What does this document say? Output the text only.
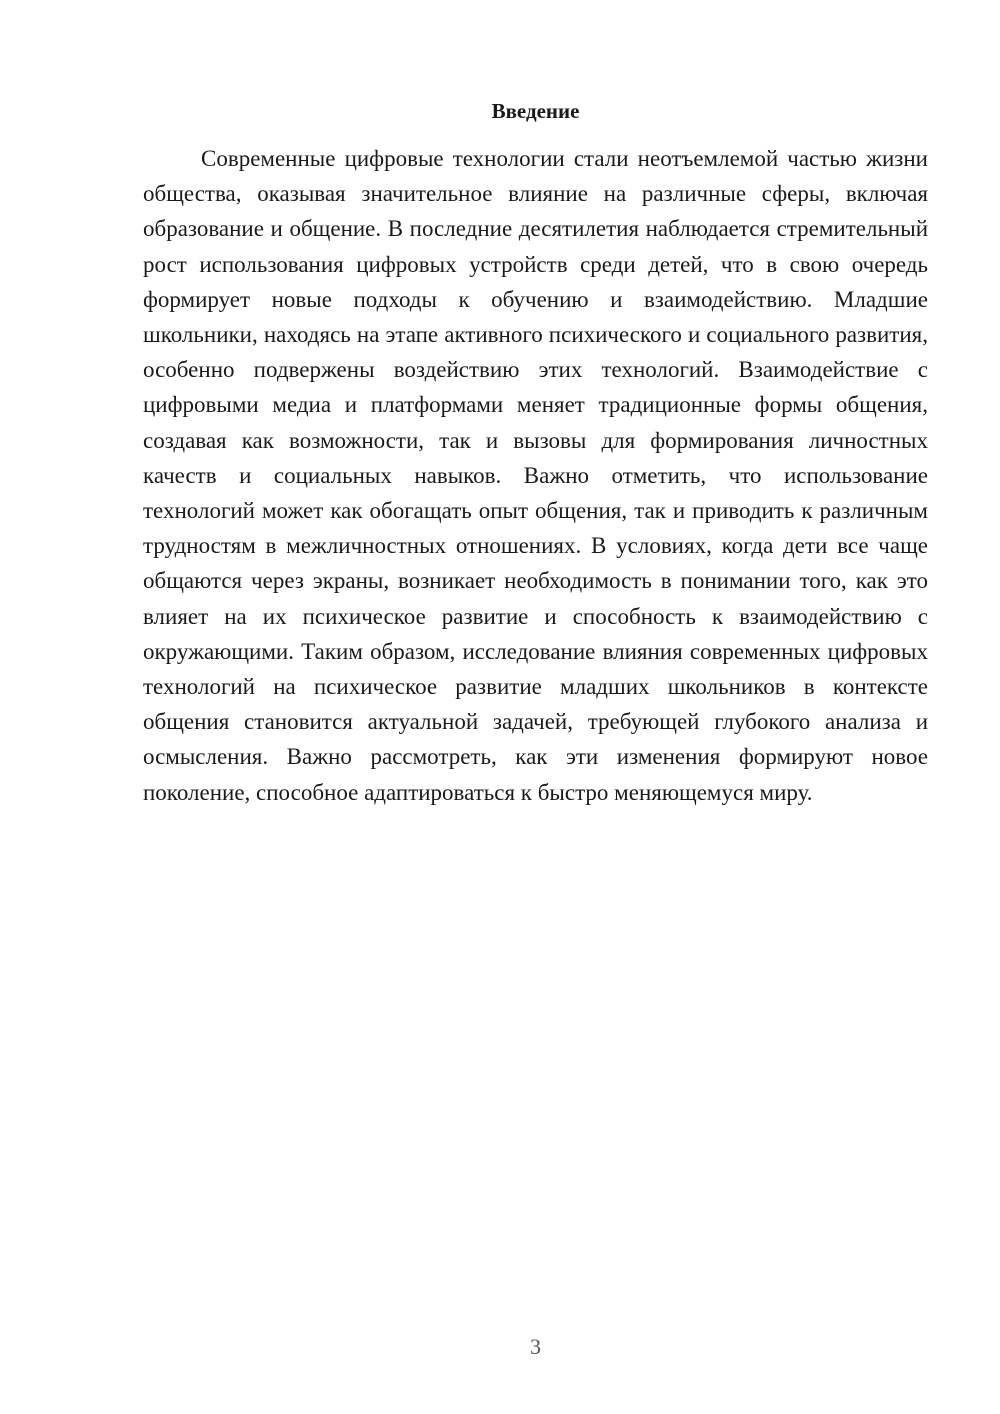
Введение

Современные цифровые технологии стали неотъемлемой частью жизни общества, оказывая значительное влияние на различные сферы, включая образование и общение. В последние десятилетия наблюдается стремительный рост использования цифровых устройств среди детей, что в свою очередь формирует новые подходы к обучению и взаимодействию. Младшие школьники, находясь на этапе активного психического и социального развития, особенно подвержены воздействию этих технологий. Взаимодействие с цифровыми медиа и платформами меняет традиционные формы общения, создавая как возможности, так и вызовы для формирования личностных качеств и социальных навыков. Важно отметить, что использование технологий может как обогащать опыт общения, так и приводить к различным трудностям в межличностных отношениях. В условиях, когда дети все чаще общаются через экраны, возникает необходимость в понимании того, как это влияет на их психическое развитие и способность к взаимодействию с окружающими. Таким образом, исследование влияния современных цифровых технологий на психическое развитие младших школьников в контексте общения становится актуальной задачей, требующей глубокого анализа и осмысления. Важно рассмотреть, как эти изменения формируют новое поколение, способное адаптироваться к быстро меняющемуся миру.

3
